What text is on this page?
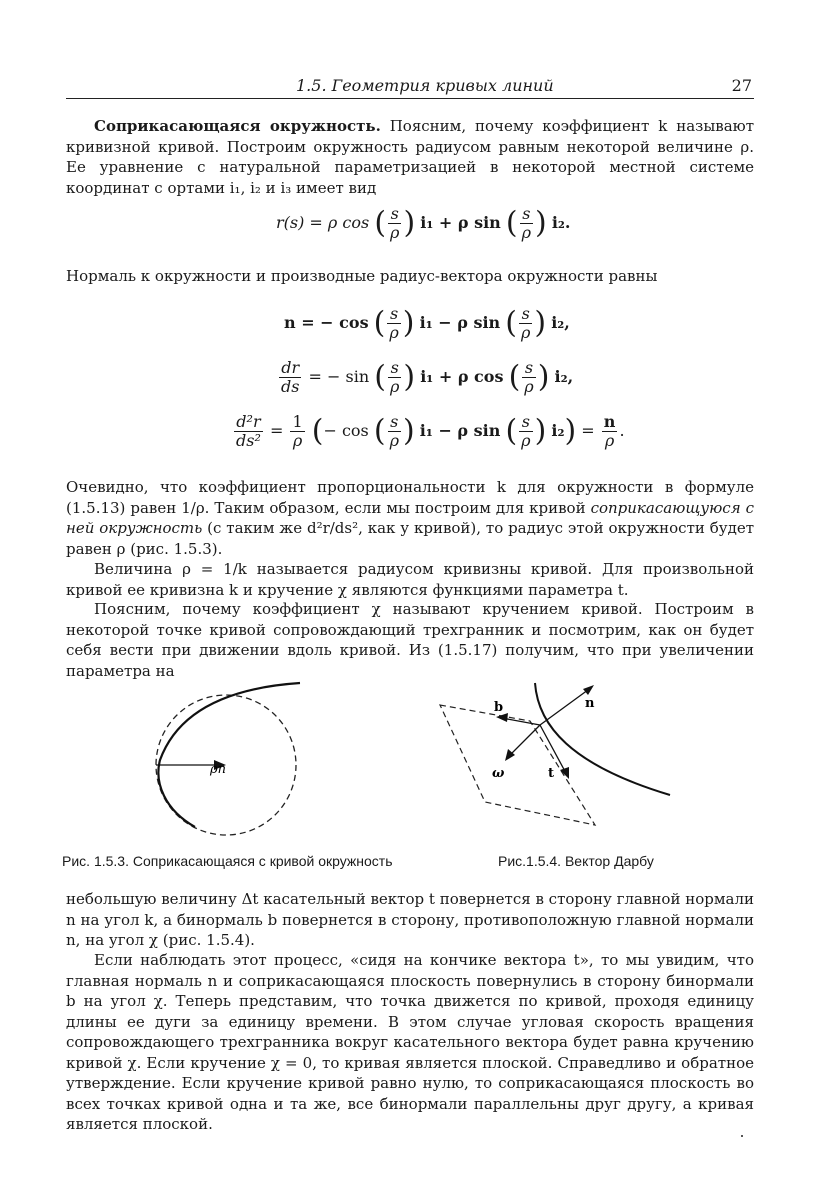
1.5. Геометрия кривых линий	27

Соприкасающаяся окружность. Поясним, почему коэффициент k называют кривизной кривой. Построим окружность радиусом равным некоторой величине ρ. Ее уравнение с натуральной параметризацией в некоторой местной системе координат с ортами i₁, i₂ и i₃ имеет вид

r(s) = ρ cos ( $\frac{s}{\rho}$ ) i₁ + ρ sin ( $\frac{s}{\rho}$ ) i₂.

Нормаль к окружности и производные радиус-вектора окружности равны

n = − cos ( $\frac{s}{\rho}$ ) i₁ − ρ sin ( $\frac{s}{\rho}$ ) i₂,
$\frac{dr}{ds}$ = − sin ( $\frac{s}{\rho}$ ) i₁ + ρ cos ( $\frac{s}{\rho}$ ) i₂,
$\frac{\text{d²r}}{\text{ds²}} = \frac{1}{\rho}$ (− cos ( $\frac{s}{\rho}$ ) i₁ − ρ sin ( $\frac{s}{\rho}$ ) $i_2) = \frac{n}{\rho}$ .

Очевидно, что коэффициент пропорциональности k для окружности в формуле (1.5.13) равен 1/ρ. Таким образом, если мы построим для кривой соприкасающуюся с ней окружность (с таким же d²r/ds², как у кривой), то радиус этой окружности будет равен ρ (рис. 1.5.3).

Величина ρ = 1/k называется радиусом кривизны кривой. Для произвольной кривой ее кривизна k и кручение χ являются функциями параметра t.

Поясним, почему коэффициент χ называют кручением кривой. Построим в некоторой точке кривой сопровождающий трехгранник и посмотрим, как он будет себя вести при движении вдоль кривой. Из (1.5.17) получим, что при увеличении параметра на

ρn
Рис. 1.5.3. Соприкасающаяся с кривой окружность
b	n
t
ω
Рис.1.5.4. Вектор Дарбу

небольшую величину Δt касательный вектор t повернется в сторону главной нормали n на угол k, а бинормаль b повернется в сторону, противоположную главной нормали n, на угол χ (рис. 1.5.4).

Если наблюдать этот процесс, «сидя на кончике вектора t», то мы увидим, что главная нормаль n и соприкасающаяся плоскость повернулись в сторону бинормали b на угол χ. Теперь представим, что точка движется по кривой, проходя единицу длины ее дуги за единицу времени. В этом случае угловая скорость вращения сопровождающего трехгранника вокруг касательного вектора будет равна кручению кривой χ. Если кручение χ = 0, то кривая является плоской. Справедливо и обратное утверждение. Если кручение кривой равно нулю, то соприкасающаяся плоскость во всех точках кривой одна и та же, все бинормали параллельны друг другу, а кривая является плоской.
